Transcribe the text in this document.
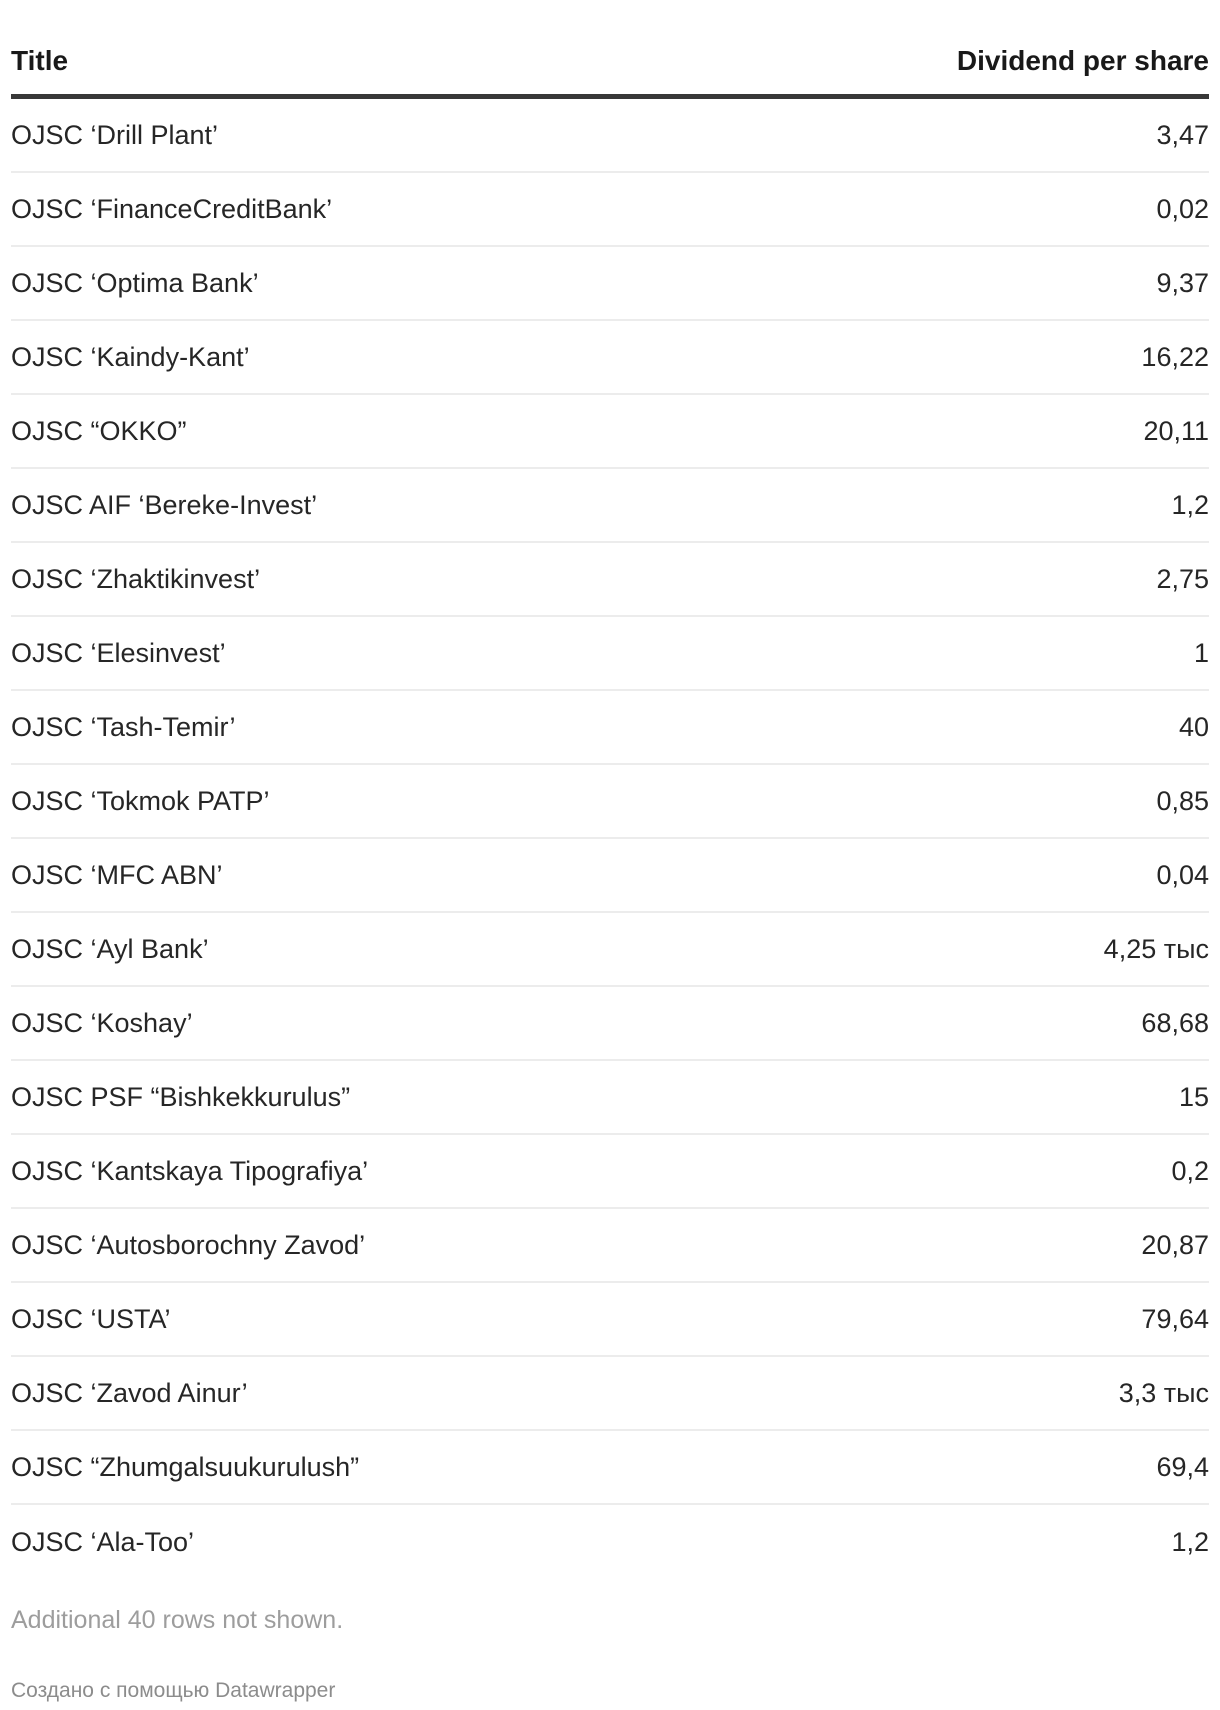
Title	Dividend per share
OJSC ‘Drill Plant’	3,47
OJSC ‘FinanceCreditBank’	0,02
OJSC ‘Optima Bank’	9,37
OJSC ‘Kaindy-Kant’	16,22
OJSC “OKKO”	20,11
OJSC AIF ‘Bereke-Invest’	1,2
OJSC ‘Zhaktikinvest’	2,75
OJSC ‘Elesinvest’	1
OJSC ‘Tash-Temir’	40
OJSC ‘Tokmok PATP’	0,85
OJSC ‘MFC ABN’	0,04
OJSC ‘Ayl Bank’	4,25 тыс
OJSC ‘Koshay’	68,68
OJSC PSF “Bishkekkurulus”	15
OJSC ‘Kantskaya Tipografiya’	0,2
OJSC ‘Autosborochny Zavod’	20,87
OJSC ‘USTA’	79,64
OJSC ‘Zavod Ainur’	3,3 тыс
OJSC “Zhumgalsuukurulush”	69,4
OJSC ‘Ala-Too’	1,2
Additional 40 rows not shown.
Создано с помощью Datawrapper
